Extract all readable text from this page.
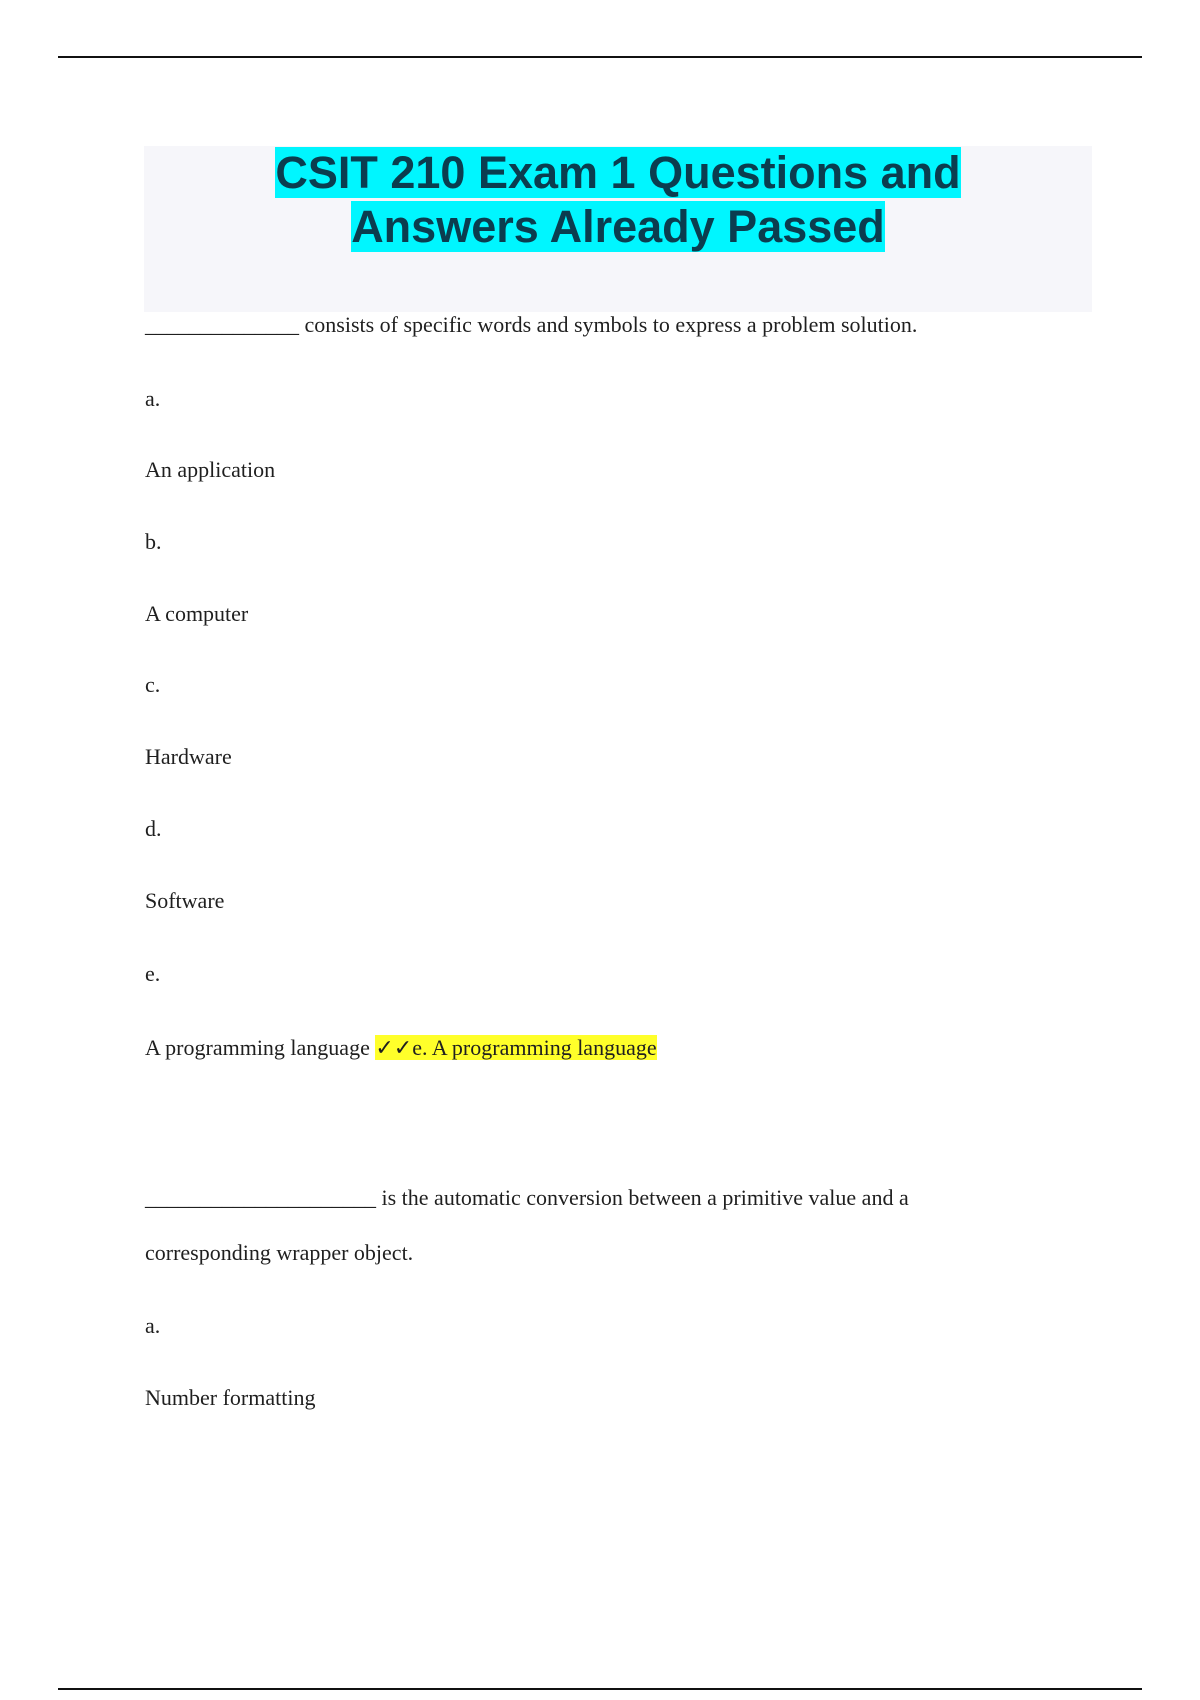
CSIT 210 Exam 1 Questions and
Answers Already Passed
______________ consists of specific words and symbols to express a problem solution.
a.
An application
b.
A computer
c.
Hardware
d.
Software
e.
A programming language ✓✓e. A programming language
_____________________ is the automatic conversion between a primitive value and a
corresponding wrapper object.
a.
Number formatting
